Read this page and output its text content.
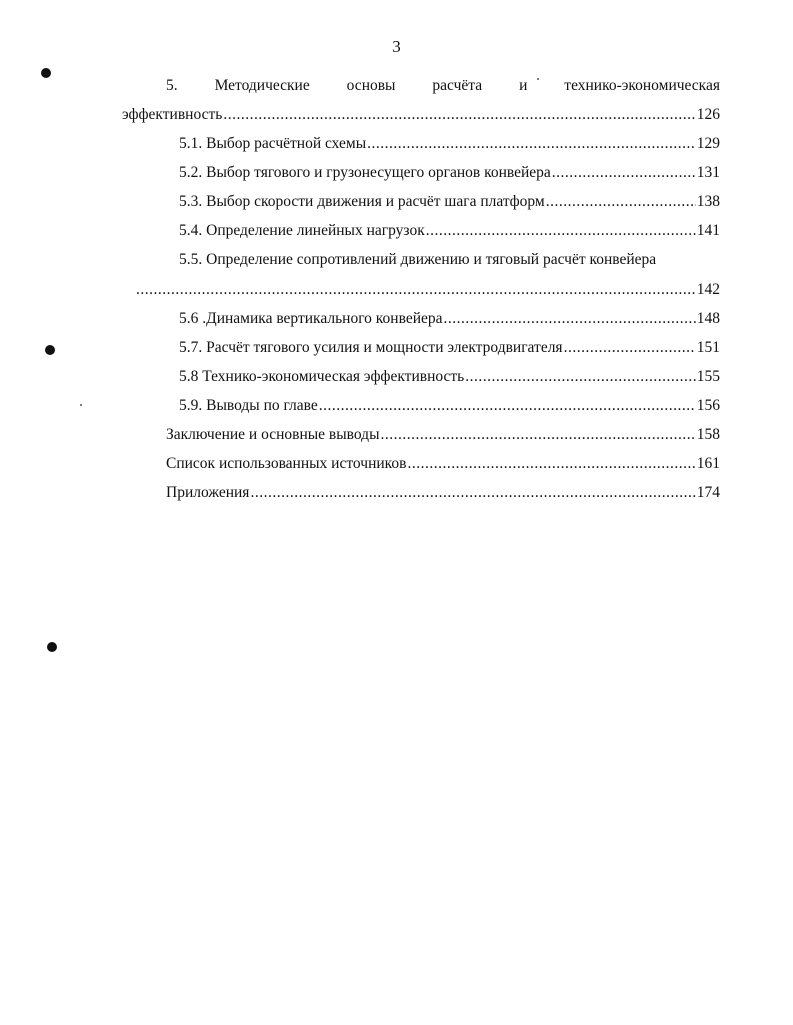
3
5. Методические основы расчёта и технико-экономическая
эффективность .....	126
5.1. Выбор расчётной схемы .....	129
5.2. Выбор тягового и грузонесущего органов конвейера .....	131
5.3. Выбор скорости движения и расчёт шага платформ .....	138
5.4. Определение линейных нагрузок .....	141
5.5. Определение сопротивлений движению и тяговый расчёт конвейера
.....
142
5.6 .Динамика вертикального конвейера .....	148
5.7. Расчёт тягового усилия и мощности электродвигателя .....	151
5.8 Технико-экономическая эффективность .....	155
5.9. Выводы по главе .....	156
Заключение и основные выводы .....	158
Список использованных источников .....	161
Приложения .....	174
